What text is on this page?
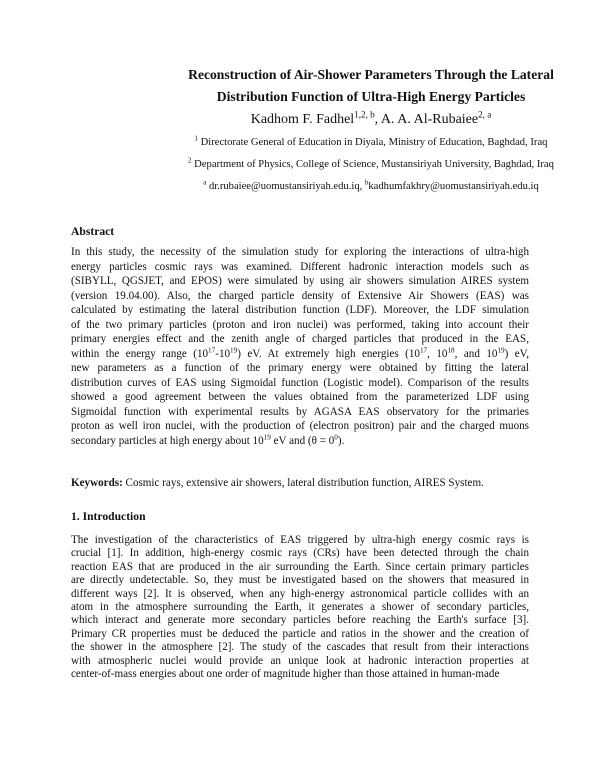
Reconstruction of Air-Shower Parameters Through the Lateral
Distribution Function of Ultra-High Energy Particles
Kadhom F. Fadhel$^{1,2, b}$, A. A. Al-Rubaiee$^{2, a}$
$^1$ Directorate General of Education in Diyala, Ministry of Education, Baghdad, Iraq
$^2$ Department of Physics, College of Science, Mustansiriyah University, Baghdad, Iraq
$^a$ dr.rubaiee@uomustansiriyah.edu.iq, $^b$kadhumfakhry@uomustansiriyah.edu.iq
Abstract
In this study, the necessity of the simulation study for exploring the interactions of ultra-high
energy particles cosmic rays was examined. Different hadronic interaction models such as
(SIBYLL, QGSJET, and EPOS) were simulated by using air showers simulation AIRES system
(version 19.04.00). Also, the charged particle density of Extensive Air Showers (EAS) was
calculated by estimating the lateral distribution function (LDF). Moreover, the LDF simulation
of the two primary particles (proton and iron nuclei) was performed, taking into account their
primary energies effect and the zenith angle of charged particles that produced in the EAS,
within the energy range $(10^{17}-10^{19})$ eV. At extremely high energies ($10^{17}$, $10^{18}$, and $10^{19}$) eV,
new parameters as a function of the primary energy were obtained by fitting the lateral
distribution curves of EAS using Sigmoidal function (Logistic model). Comparison of the results
showed a good agreement between the values obtained from the parameterized LDF using
Sigmoidal function with experimental results by AGASA EAS observatory for the primaries
proton as well iron nuclei, with the production of (electron positron) pair and the charged muons
secondary particles at high energy about $10^{19}$ eV and $(\theta = 0^0)$.
Keywords: Cosmic rays, extensive air showers, lateral distribution function, AIRES System.
1. Introduction
The investigation of the characteristics of EAS triggered by ultra-high energy cosmic rays is
crucial [1]. In addition, high-energy cosmic rays (CRs) have been detected through the chain
reaction EAS that are produced in the air surrounding the Earth. Since certain primary particles
are directly undetectable. So, they must be investigated based on the showers that measured in
different ways [2]. It is observed, when any high-energy astronomical particle collides with an
atom in the atmosphere surrounding the Earth, it generates a shower of secondary particles,
which interact and generate more secondary particles before reaching the Earth's surface [3].
Primary CR properties must be deduced the particle and ratios in the shower and the creation of
the shower in the atmosphere [2]. The study of the cascades that result from their interactions
with atmospheric nuclei would provide an unique look at hadronic interaction properties at
center-of-mass energies about one order of magnitude higher than those attained in human-made
